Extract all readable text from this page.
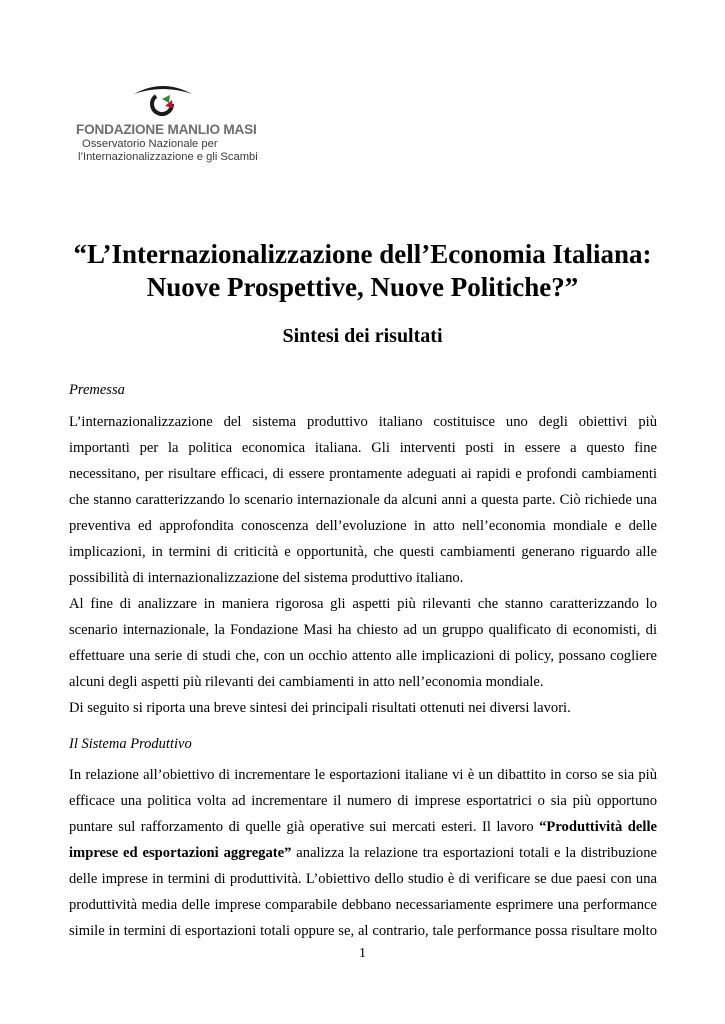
FONDAZIONE MANLIO MASI
Osservatorio Nazionale per
l’Internazionalizzazione e gli Scambi
“L’Internazionalizzazione dell’Economia Italiana:
Nuove Prospettive, Nuove Politiche?”
Sintesi dei risultati

Premessa

L’internazionalizzazione del sistema produttivo italiano costituisce uno degli obiettivi più
importanti per la politica economica italiana. Gli interventi posti in essere a questo fine
necessitano, per risultare efficaci, di essere prontamente adeguati ai rapidi e profondi cambiamenti
che stanno caratterizzando lo scenario internazionale da alcuni anni a questa parte. Ciò richiede una
preventiva ed approfondita conoscenza dell’evoluzione in atto nell’economia mondiale e delle
implicazioni, in termini di criticità e opportunità, che questi cambiamenti generano riguardo alle
possibilità di internazionalizzazione del sistema produttivo italiano.
Al fine di analizzare in maniera rigorosa gli aspetti più rilevanti che stanno caratterizzando lo
scenario internazionale, la Fondazione Masi ha chiesto ad un gruppo qualificato di economisti, di
effettuare una serie di studi che, con un occhio attento alle implicazioni di policy, possano cogliere
alcuni degli aspetti più rilevanti dei cambiamenti in atto nell’economia mondiale.
Di seguito si riporta una breve sintesi dei principali risultati ottenuti nei diversi lavori.

Il Sistema Produttivo

In relazione all’obiettivo di incrementare le esportazioni italiane vi è un dibattito in corso se sia più
efficace una politica volta ad incrementare il numero di imprese esportatrici o sia più opportuno
puntare sul rafforzamento di quelle già operative sui mercati esteri. Il lavoro “Produttività delle
imprese ed esportazioni aggregate” analizza la relazione tra esportazioni totali e la distribuzione
delle imprese in termini di produttività. L’obiettivo dello studio è di verificare se due paesi con una
produttività media delle imprese comparabile debbano necessariamente esprimere una performance
simile in termini di esportazioni totali oppure se, al contrario, tale performance possa risultare molto
1
